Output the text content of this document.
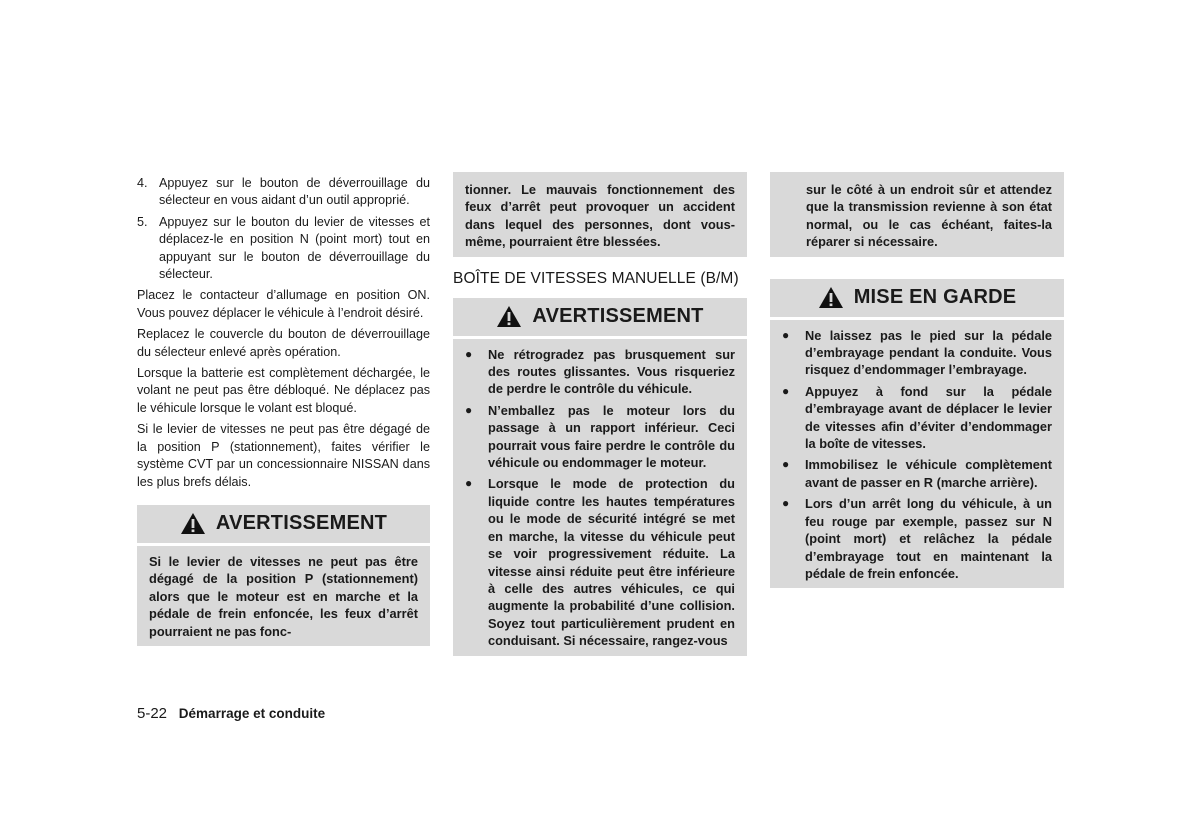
4. Appuyez sur le bouton de déverrouillage du sélecteur en vous aidant d’un outil approprié.
5. Appuyez sur le bouton du levier de vitesses et déplacez-le en position N (point mort) tout en appuyant sur le bouton de déverrouillage du sélecteur.

Placez le contacteur d’allumage en position ON. Vous pouvez déplacer le véhicule à l’endroit désiré.

Replacez le couvercle du bouton de déverrouillage du sélecteur enlevé après opération.

Lorsque la batterie est complètement déchargée, le volant ne peut pas être débloqué. Ne déplacez pas le véhicule lorsque le volant est bloqué.

Si le levier de vitesses ne peut pas être dégagé de la position P (stationnement), faites vérifier le système CVT par un concessionnaire NISSAN dans les plus brefs délais.

AVERTISSEMENT
Si le levier de vitesses ne peut pas être dégagé de la position P (stationnement) alors que le moteur est en marche et la pédale de frein enfoncée, les feux d’arrêt pourraient ne pas fonc-
tionner. Le mauvais fonctionnement des feux d’arrêt peut provoquer un accident dans lequel des personnes, dont vous-même, pourraient être blessées.
BOÎTE DE VITESSES MANUELLE (B/M)
AVERTISSEMENT
●	Ne rétrogradez pas brusquement sur des routes glissantes. Vous risqueriez de perdre le contrôle du véhicule.
●	N’emballez pas le moteur lors du passage à un rapport inférieur. Ceci pourrait vous faire perdre le contrôle du véhicule ou endommager le moteur.
●	Lorsque le mode de protection du liquide contre les hautes températures ou le mode de sécurité intégré se met en marche, la vitesse du véhicule peut se voir progressivement réduite. La vitesse ainsi réduite peut être inférieure à celle des autres véhicules, ce qui augmente la probabilité d’une collision. Soyez tout particulièrement prudent en conduisant. Si nécessaire, rangez-vous
sur le côté à un endroit sûr et attendez que la transmission revienne à son état normal, ou le cas échéant, faites-la réparer si nécessaire.
MISE EN GARDE
●	Ne laissez pas le pied sur la pédale d’embrayage pendant la conduite. Vous risquez d’endommager l’embrayage.
●	Appuyez à fond sur la pédale d’embrayage avant de déplacer le levier de vitesses afin d’éviter d’endommager la boîte de vitesses.
●	Immobilisez le véhicule complètement avant de passer en R (marche arrière).
●	Lors d’un arrêt long du véhicule, à un feu rouge par exemple, passez sur N (point mort) et relâchez la pédale d’embrayage tout en maintenant la pédale de frein enfoncée.
5-22 Démarrage et conduite
